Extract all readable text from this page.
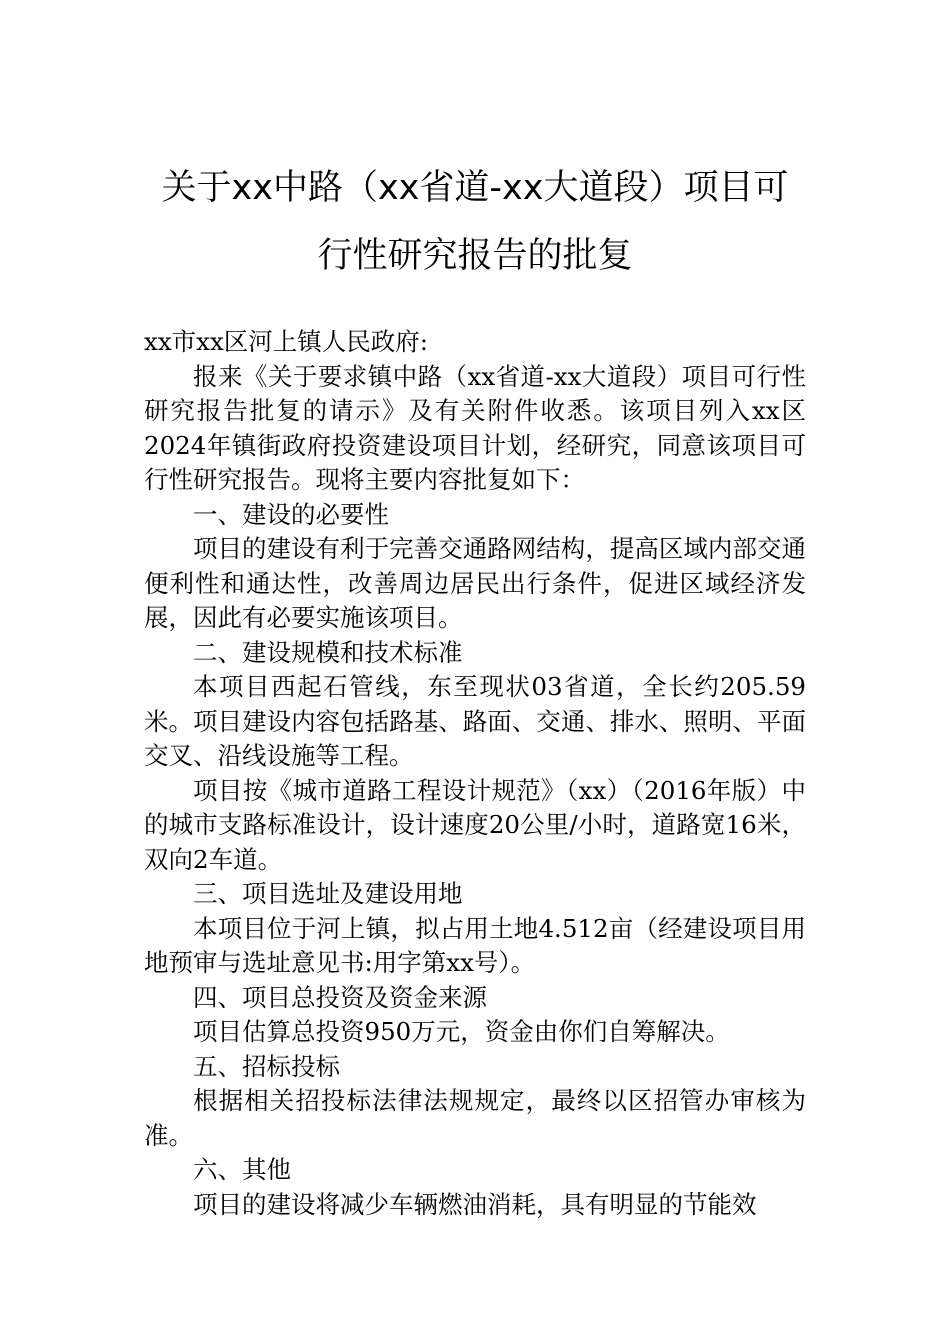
关于xx中路（xx省道-xx大道段）项目可
行性研究报告的批复

xx市xx区河上镇人民政府:

报来《关于要求镇中路（xx省道-xx大道段）项目可行性研究报告批复的请示》及有关附件收悉。该项目列入xx区2024年镇街政府投资建设项目计划，经研究，同意该项目可行性研究报告。现将主要内容批复如下：

一、建设的必要性

项目的建设有利于完善交通路网结构，提高区域内部交通便利性和通达性，改善周边居民出行条件，促进区域经济发展，因此有必要实施该项目。

二、建设规模和技术标准

本项目西起石管线，东至现状03省道，全长约205.59米。项目建设内容包括路基、路面、交通、排水、照明、平面交叉、沿线设施等工程。

项目按《城市道路工程设计规范》（xx）（2016年版）中的城市支路标准设计，设计速度20公里/小时，道路宽16米，双向2车道。

三、项目选址及建设用地

本项目位于河上镇，拟占用土地4.512亩（经建设项目用地预审与选址意见书:用字第xx号）。

四、项目总投资及资金来源

项目估算总投资950万元，资金由你们自筹解决。

五、招标投标

根据相关招投标法律法规规定，最终以区招管办审核为准。

六、其他

项目的建设将减少车辆燃油消耗，具有明显的节能效
